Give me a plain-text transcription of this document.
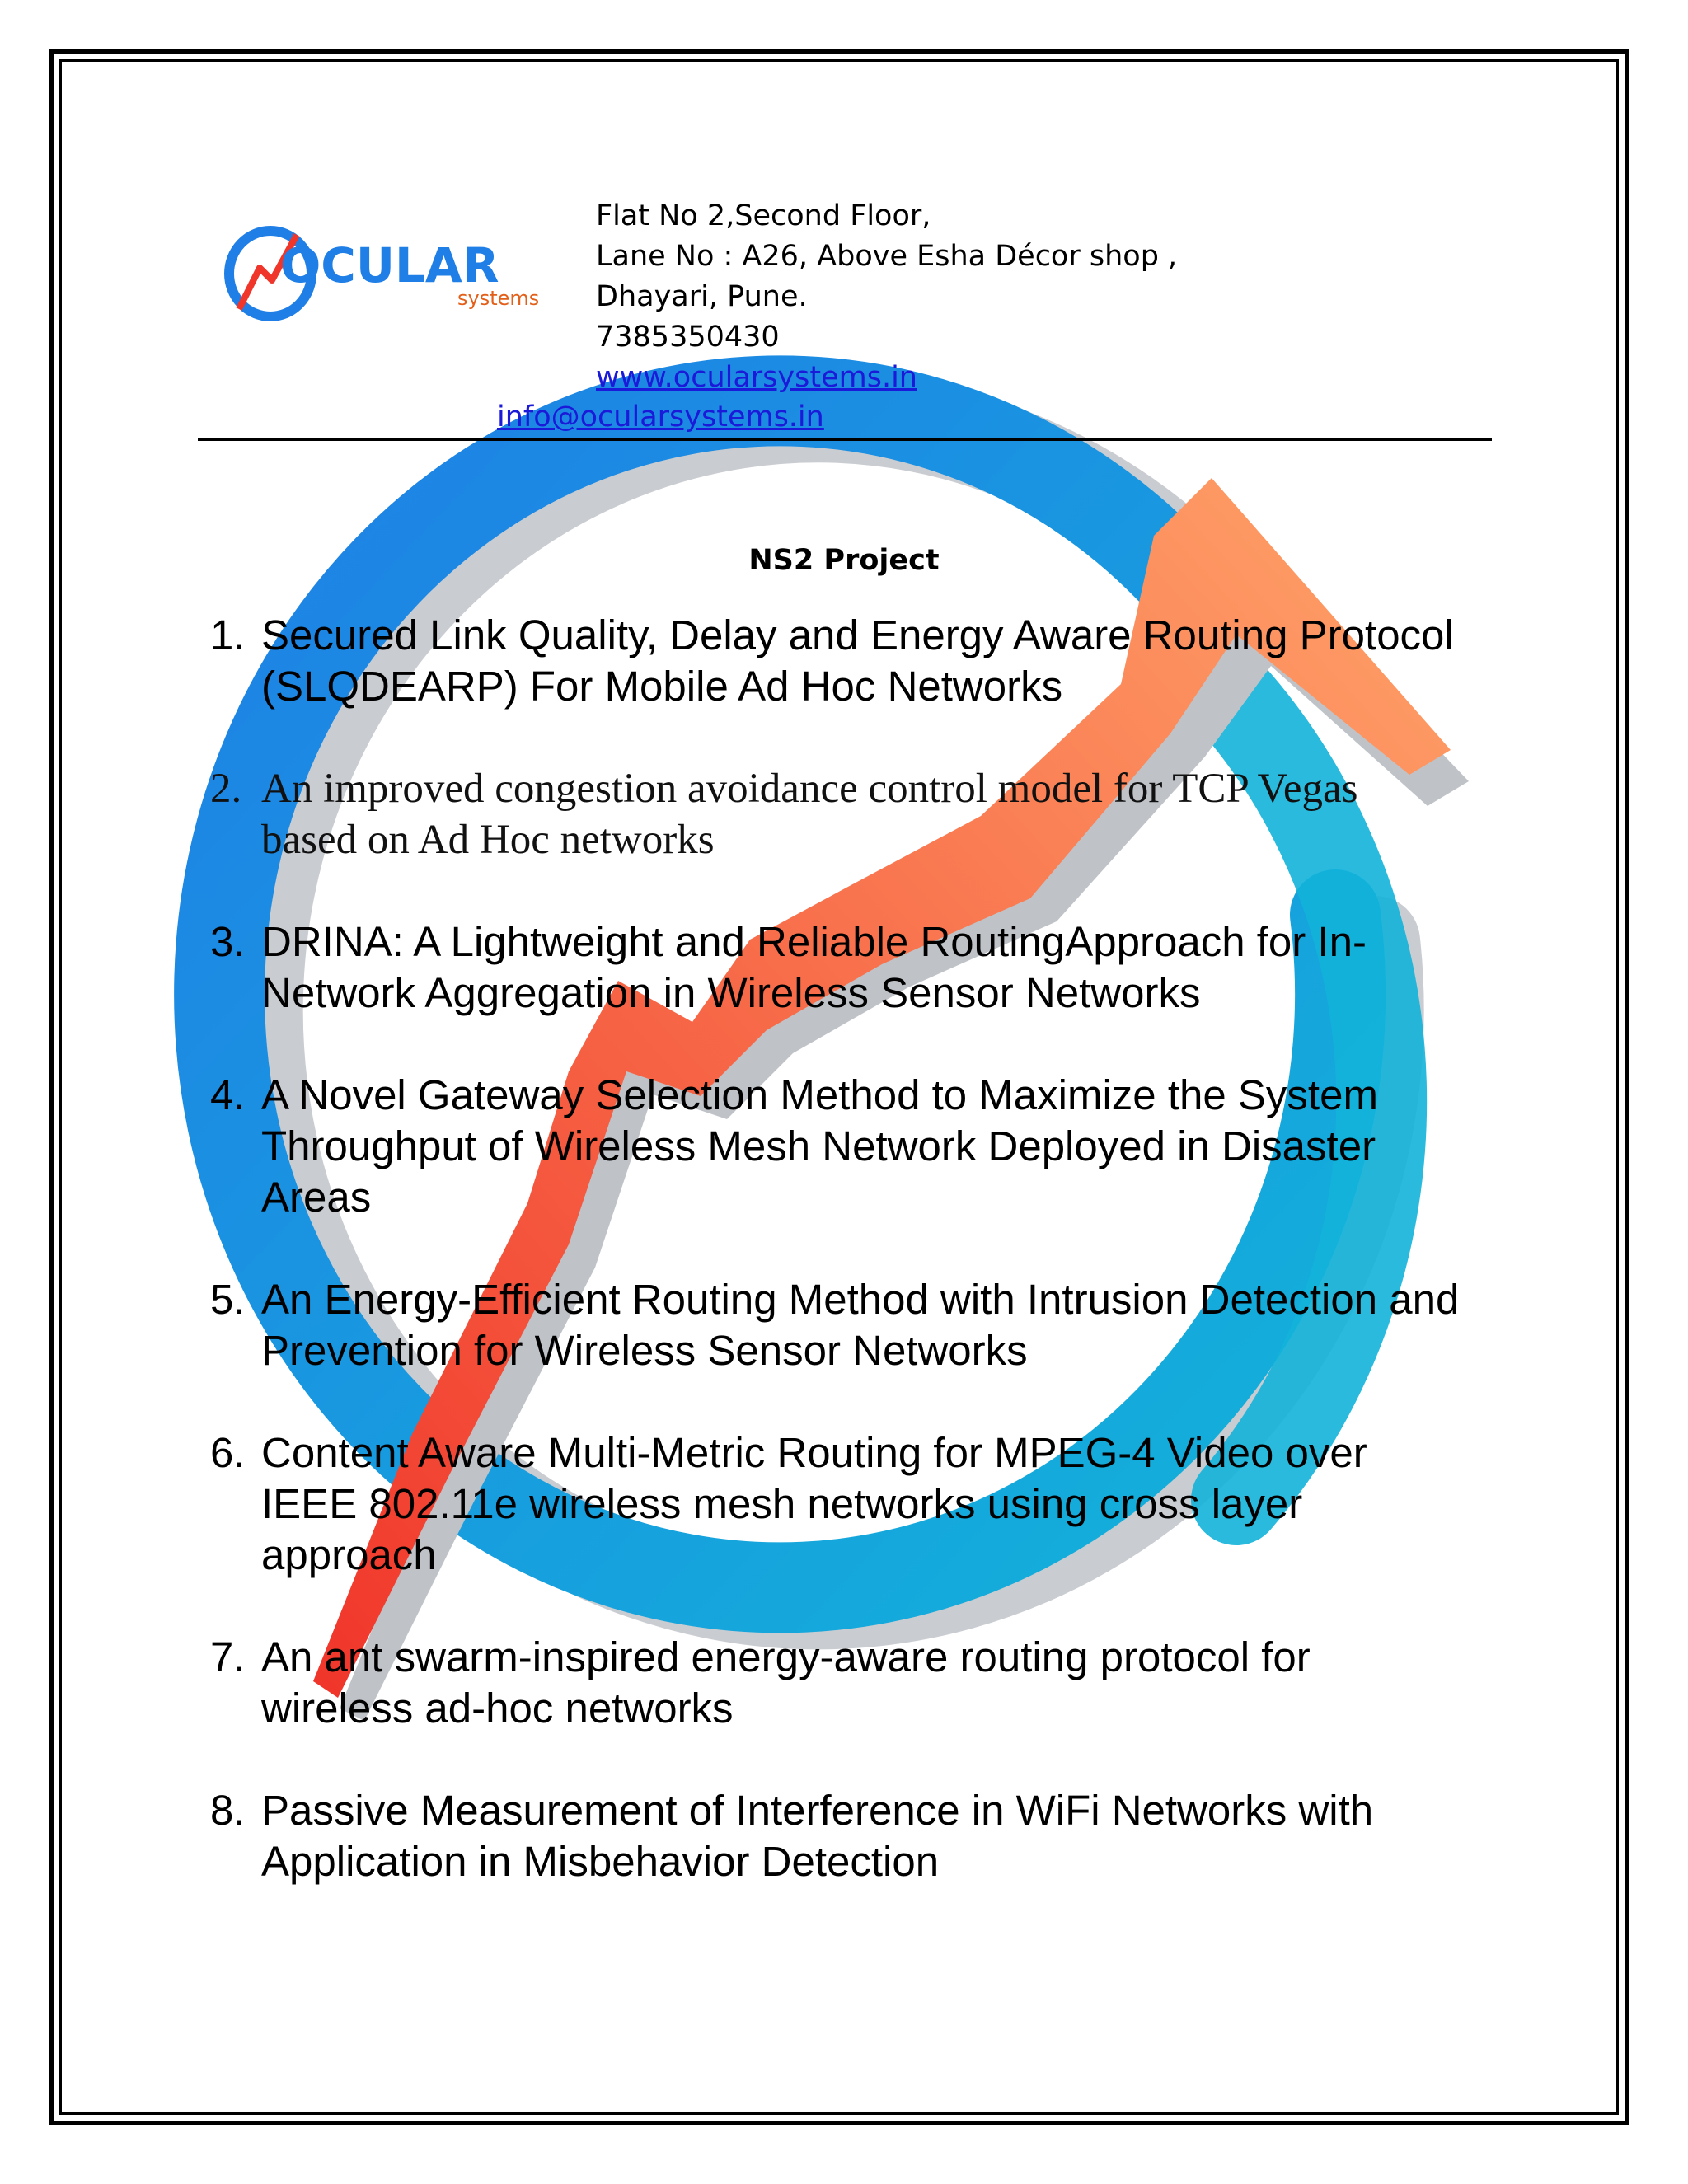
OCULAR
systems
Flat No 2,Second Floor,
Lane No : A26, Above Esha Décor shop ,
Dhayari, Pune.
7385350430
www.ocularsystems.in
info@ocularsystems.in
NS2 Project
1. Secured Link Quality, Delay and Energy Aware Routing Protocol (SLQDEARP) For Mobile Ad Hoc Networks
2. An improved congestion avoidance control model for TCP Vegas based on Ad Hoc networks
3. DRINA: A Lightweight and Reliable RoutingApproach for In-Network Aggregation in Wireless Sensor Networks
4. A Novel Gateway Selection Method to Maximize the System Throughput of Wireless Mesh Network Deployed in Disaster Areas
5. An Energy-Efficient Routing Method with Intrusion Detection and Prevention for Wireless Sensor Networks
6. Content Aware Multi-Metric Routing for MPEG-4 Video over IEEE 802.11e wireless mesh networks using cross layer approach
7. An ant swarm-inspired energy-aware routing protocol for wireless ad-hoc networks
8. Passive Measurement of Interference in WiFi Networks with Application in Misbehavior Detection
